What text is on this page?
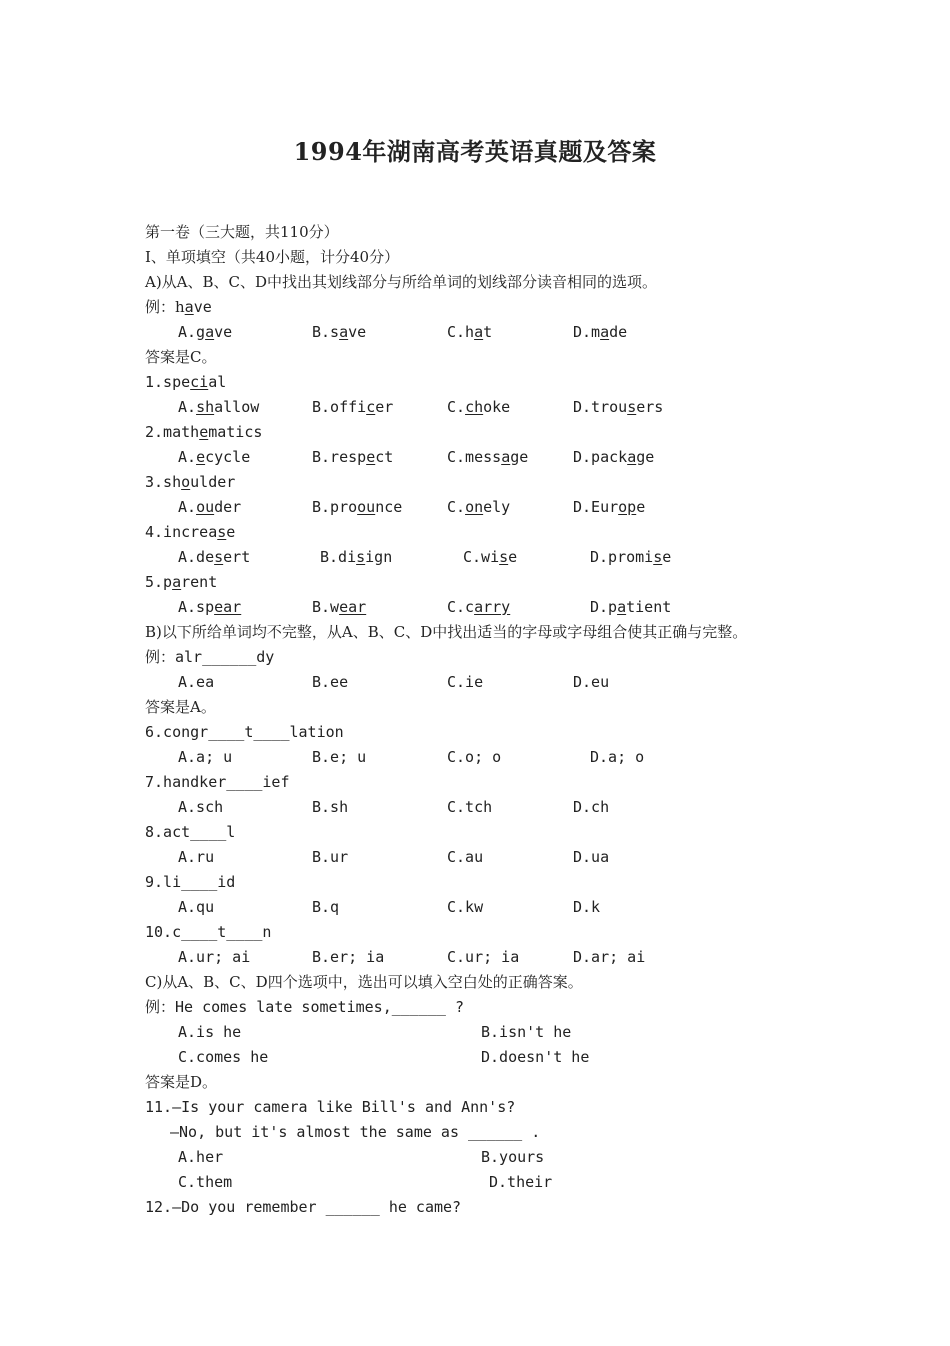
1994年湖南高考英语真题及答案
第一卷（三大题，共110分）
I、单项填空（共40小题，计分40分）
A)从A、B、C、D中找出其划线部分与所给单词的划线部分读音相同的选项。
例：have
A.gave	B.save	C.hat	D.made
答案是C。
1.special
A.shallow	B.officer	C.choke	D.trousers
2.mathematics
A.ecycle	B.respect	C.message	D.package
3.shoulder
A.ouder	B.proounce	C.onely	D.Europe
4.increase
A.desert	B.disign	C.wise	D.promise
5.parent
A.spear	B.wear	C.carry	D.patient
B)以下所给单词均不完整，从A、B、C、D中找出适当的字母或字母组合使其正确与完整。
例：alr______dy
A.ea	B.ee	C.ie	D.eu
答案是A。
6.congr____t____lation
A.a; u	B.e; u	C.o; o	D.a; o
7.handker____ief
A.sch	B.sh	C.tch	D.ch
8.act____l
A.ru	B.ur	C.au	D.ua
9.li____id
A.qu	B.q	C.kw	D.k
10.c____t____n
A.ur; ai	B.er; ia	C.ur; ia	D.ar; ai
C)从A、B、C、D四个选项中，选出可以填入空白处的正确答案。
例：He comes late sometimes,______ ?
A.is he	B.isn't he
C.comes he	D.doesn't he
答案是D。
11.—Is your camera like Bill's and Ann's?
—No, but it's almost the same as ______ .
A.her	B.yours
C.them	D.their
12.—Do you remember ______ he came?
